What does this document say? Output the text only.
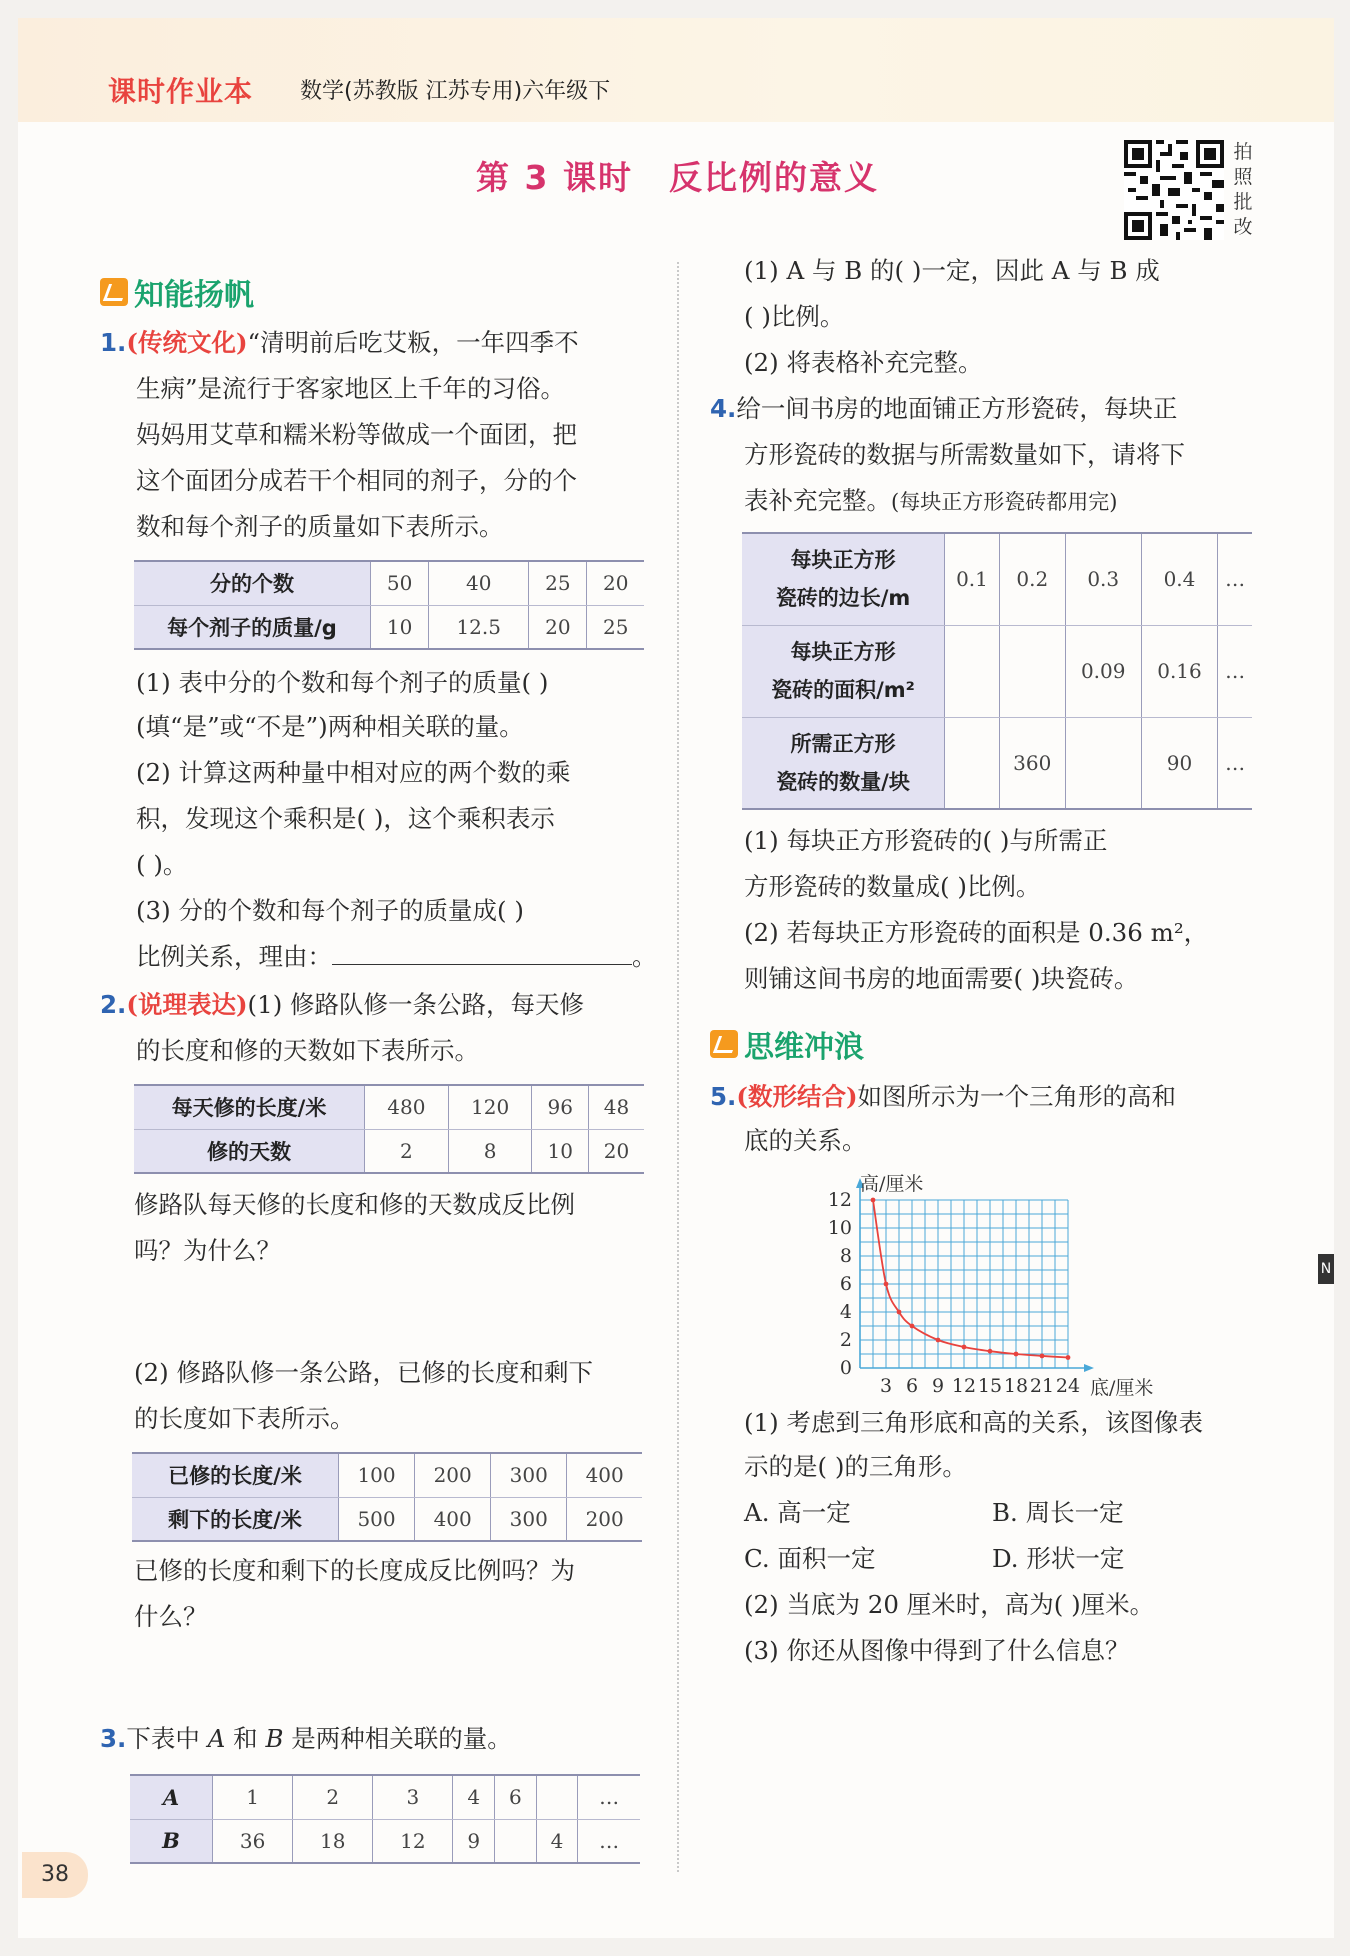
课时作业本 数学(苏教版 江苏专用)六年级下
第 3 课时 反比例的意义
拍
照
批
改
N
知能扬帆
1.(传统文化)“清明前后吃艾粄，一年四季不
生病”是流行于客家地区上千年的习俗。
妈妈用艾草和糯米粉等做成一个面团，把
这个面团分成若干个相同的剂子，分的个
数和每个剂子的质量如下表所示。
分的个数	50	40	25	20
每个剂子的质量/g	10	12.5	20	25
(1) 表中分的个数和每个剂子的质量( )
(填“是”或“不是”)两种相关联的量。
(2) 计算这两种量中相对应的两个数的乘
积，发现这个乘积是( )，这个乘积表示
( )。
(3) 分的个数和每个剂子的质量成( )
比例关系，理由：	。
2.(说理表达)(1) 修路队修一条公路，每天修
的长度和修的天数如下表所示。
每天修的长度/米	480	120	96	48
修的天数	2	8	10	20
修路队每天修的长度和修的天数成反比例
吗？为什么？
(2) 修路队修一条公路，已修的长度和剩下
的长度如下表所示。
已修的长度/米	100	200	300	400
剩下的长度/米	500	400	300	200
已修的长度和剩下的长度成反比例吗？为
什么？
3.下表中 A 和 B 是两种相关联的量。
A	1	2	3	4	6		…
B	36	18	12	9		4	…
38
(1) A 与 B 的( )一定，因此 A 与 B 成
( )比例。
(2) 将表格补充完整。
4.给一间书房的地面铺正方形瓷砖，每块正
方形瓷砖的数据与所需数量如下，请将下
表补充完整。(每块正方形瓷砖都用完)
每块正方形
瓷砖的边长/m	0.1	0.2	0.3	0.4	…

每块正方形
瓷砖的面积/m²			0.09	0.16	…

所需正方形
瓷砖的数量/块		360		90	…
(1) 每块正方形瓷砖的( )与所需正
方形瓷砖的数量成( )比例。
(2) 若每块正方形瓷砖的面积是 0.36 m²，
则铺这间书房的地面需要( )块瓷砖。
思维冲浪
5.(数形结合)如图所示为一个三角形的高和
底的关系。
3 6 9 12 15 18 21 24
2
4
6
8
10
12
0
高/厘米
底/厘米
(1) 考虑到三角形底和高的关系，该图像表
示的是( )的三角形。
A. 高一定	B. 周长一定
C. 面积一定	D. 形状一定
(2) 当底为 20 厘米时，高为( )厘米。
(3) 你还从图像中得到了什么信息？
